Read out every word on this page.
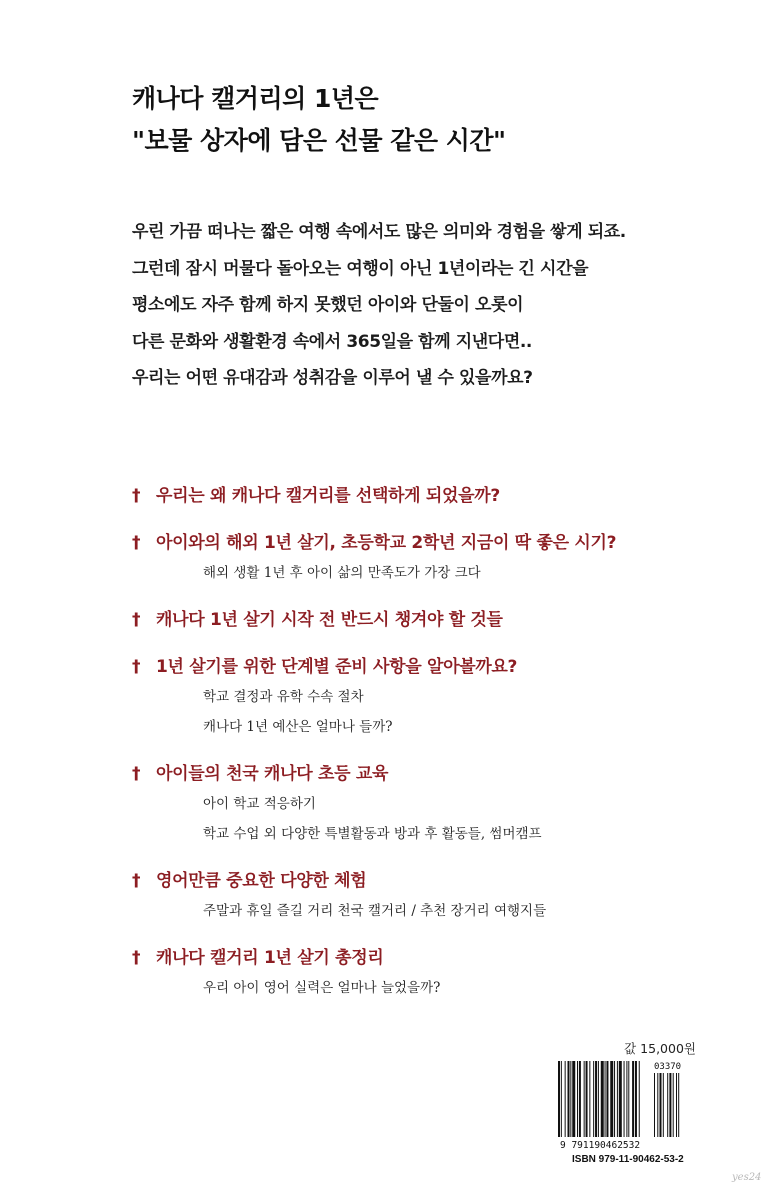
캐나다 캘거리의 1년은
"보물 상자에 담은 선물 같은 시간"
우린 가끔 떠나는 짧은 여행 속에서도 많은 의미와 경험을 쌓게 되죠.
그런데 잠시 머물다 돌아오는 여행이 아닌 1년이라는 긴 시간을
평소에도 자주 함께 하지 못했던 아이와 단둘이 오롯이
다른 문화와 생활환경 속에서 365일을 함께 지낸다면..
우리는 어떤 유대감과 성취감을 이루어 낼 수 있을까요?
† 우리는 왜 캐나다 캘거리를 선택하게 되었을까?
† 아이와의 해외 1년 살기, 초등학교 2학년 지금이 딱 좋은 시기?
해외 생활 1년 후 아이 삶의 만족도가 가장 크다
† 캐나다 1년 살기 시작 전 반드시 챙겨야 할 것들
† 1년 살기를 위한 단계별 준비 사항을 알아볼까요?
학교 결정과 유학 수속 절차
캐나다 1년 예산은 얼마나 들까?
† 아이들의 천국 캐나다 초등 교육
아이 학교 적응하기
학교 수업 외 다양한 특별활동과 방과 후 활동들, 썸머캠프
† 영어만큼 중요한 다양한 체험
주말과 휴일 즐길 거리 천국 캘거리 / 추천 장거리 여행지들
† 캐나다 캘거리 1년 살기 총정리
우리 아이 영어 실력은 얼마나 늘었을까?
값 15,000원
03370
9 791190462532
ISBN 979-11-90462-53-2
yes24
